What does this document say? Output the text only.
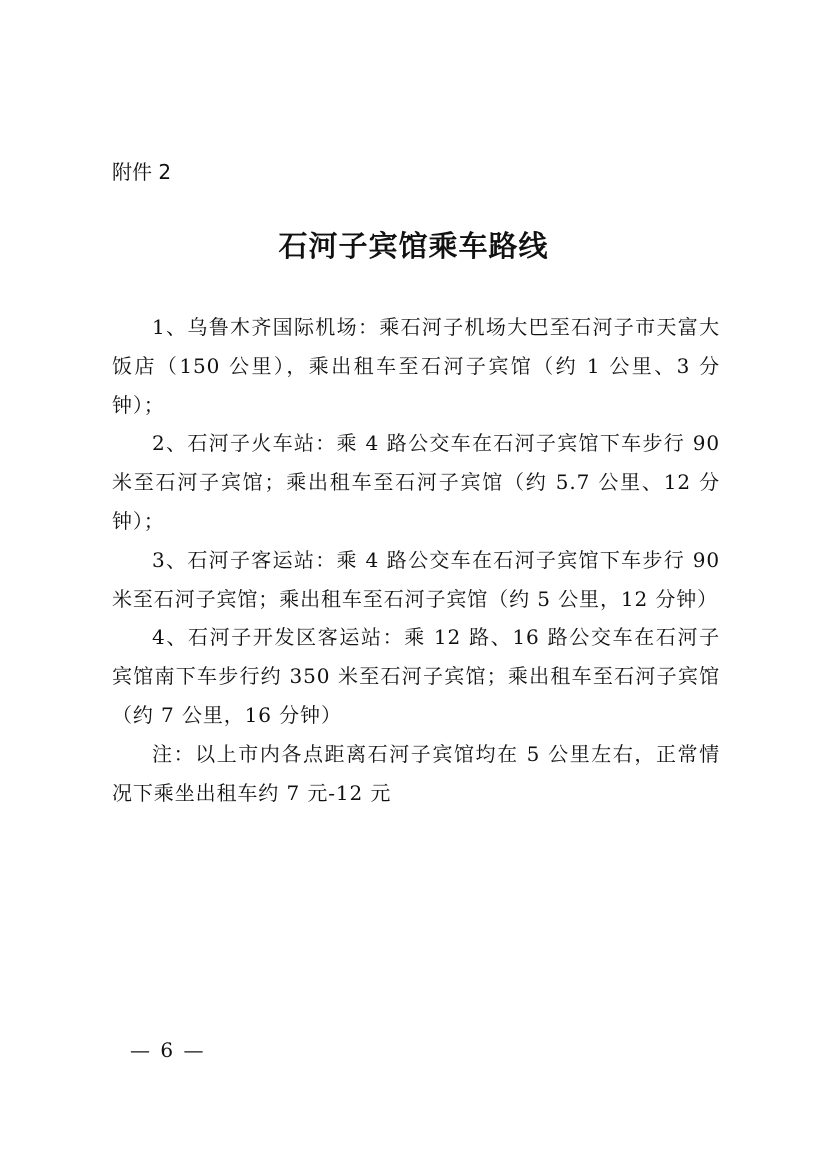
附件 2
石河子宾馆乘车路线

1、乌鲁木齐国际机场：乘石河子机场大巴至石河子市天富大饭店（150 公里），乘出租车至石河子宾馆（约 1 公里、3 分钟）；

2、石河子火车站：乘 4 路公交车在石河子宾馆下车步行 90 米至石河子宾馆；乘出租车至石河子宾馆（约 5.7 公里、12 分钟）；

3、石河子客运站：乘 4 路公交车在石河子宾馆下车步行 90 米至石河子宾馆；乘出租车至石河子宾馆（约 5 公里，12 分钟）

4、石河子开发区客运站：乘 12 路、16 路公交车在石河子宾馆南下车步行约 350 米至石河子宾馆；乘出租车至石河子宾馆（约 7 公里，16 分钟）

注：以上市内各点距离石河子宾馆均在 5 公里左右，正常情况下乘坐出租车约 7 元-12 元

— 6 —
